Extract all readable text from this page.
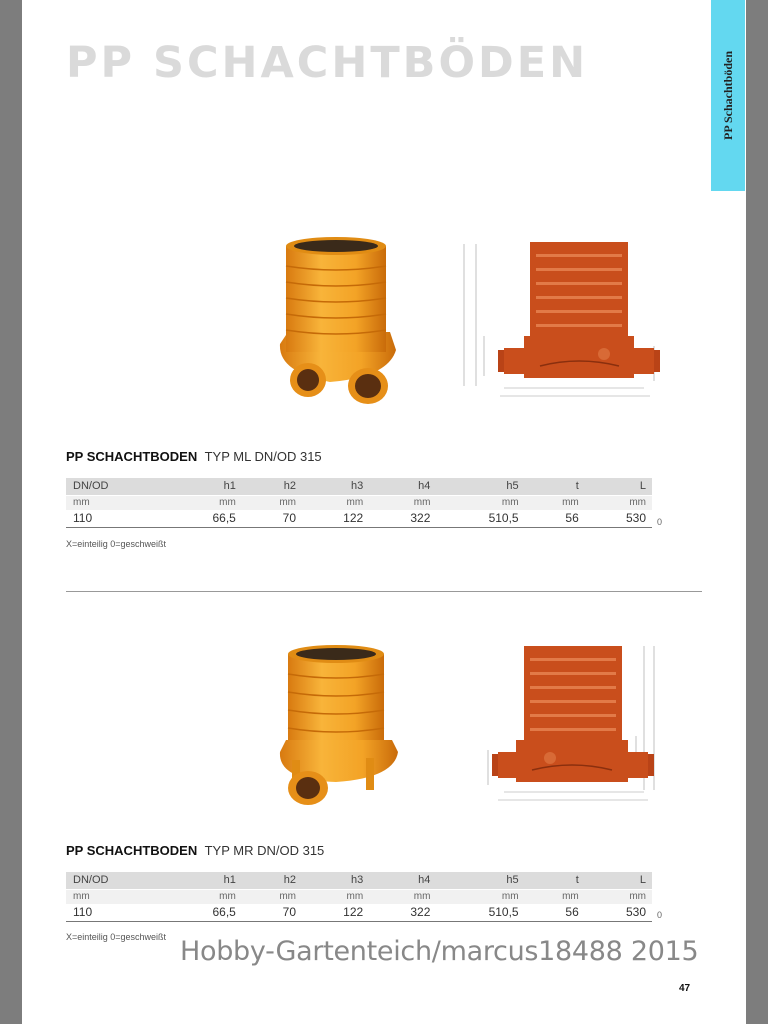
PP Schachtböden
PP SCHACHTBÖDEN
PP SCHACHTBODEN TYP ML DN/OD 315
DN/OD	h1	h2	h3	h4	h5	t	L
mm	mm	mm	mm	mm	mm	mm	mm
110	66,5	70	122	322	510,5	56	530 0
X=einteilig 0=geschweißt
PP SCHACHTBODEN TYP MR DN/OD 315
DN/OD	h1	h2	h3	h4	h5	t	L
mm	mm	mm	mm	mm	mm	mm	mm
110	66,5	70	122	322	510,5	56	530 0
X=einteilig 0=geschweißt Hobby-Gartenteich/marcus18488 2015
47
